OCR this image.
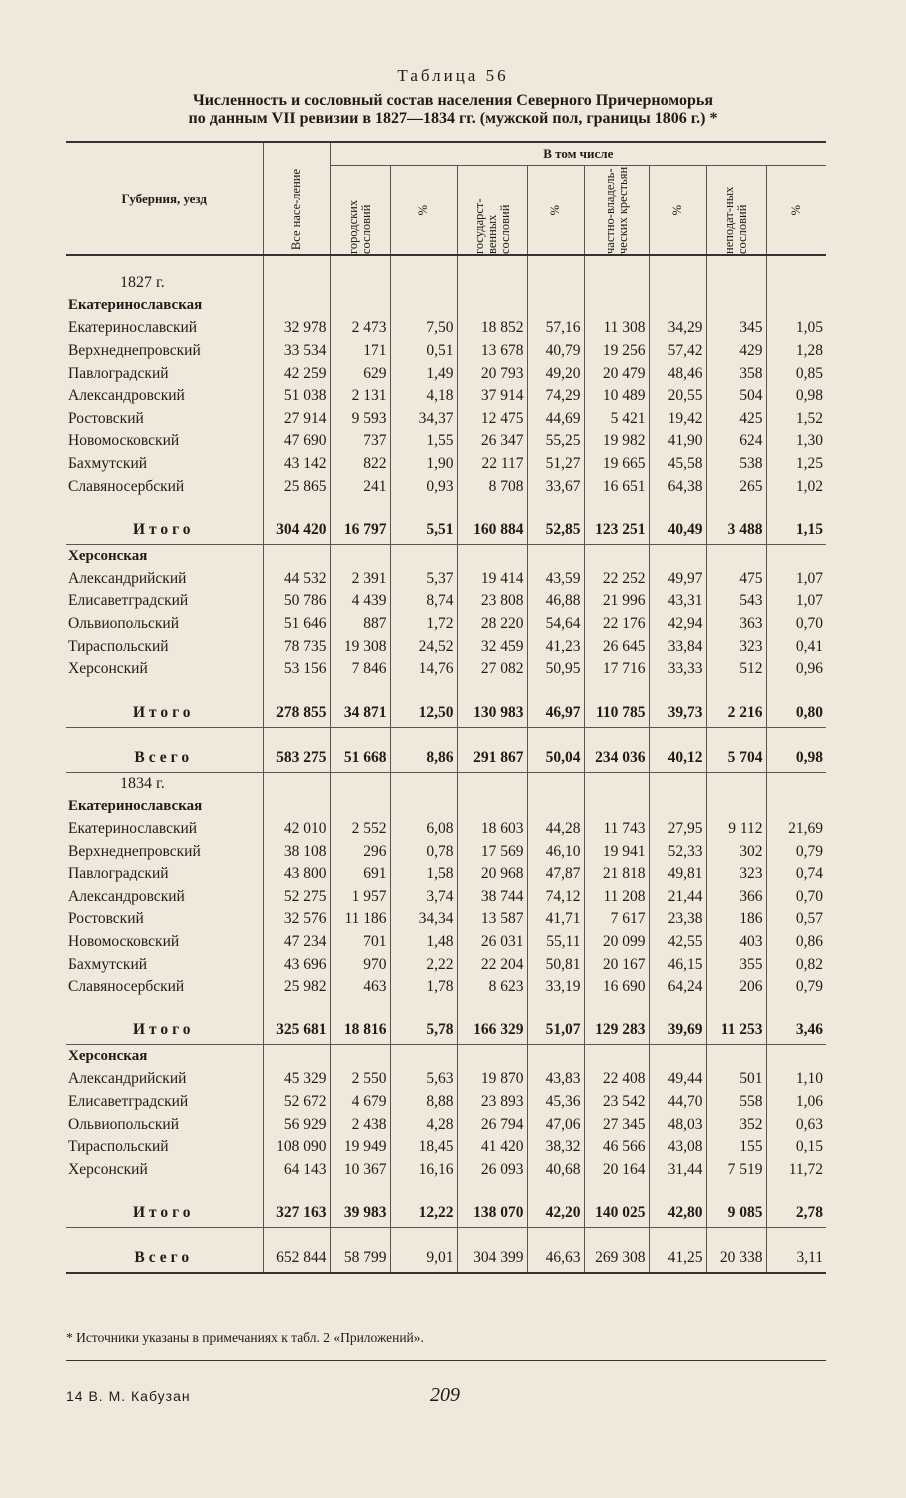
Таблица 56
Численность и сословный состав населения Северного Причерноморья
по данным VII ревизии в 1827—1834 гг. (мужской пол, границы 1806 г.) *
Губерния, уезд		В том числе							

	Все насе-ление	городских сословий	%	государст-венных сословий	%	частно-владель-ческих крестьян	%	неподат-ных сословий	%

1827 г.									
Екатеринославская									
Екатеринославский	32 978	2 473	7,50	18 852	57,16	11 308	34,29	345	1,05
Верхнеднепровский	33 534	171	0,51	13 678	40,79	19 256	57,42	429	1,28
Павлоградский	42 259	629	1,49	20 793	49,20	20 479	48,46	358	0,85
Александровский	51 038	2 131	4,18	37 914	74,29	10 489	20,55	504	0,98
Ростовский	27 914	9 593	34,37	12 475	44,69	5 421	19,42	425	1,52
Новомосковский	47 690	737	1,55	26 347	55,25	19 982	41,90	624	1,30
Бахмутский	43 142	822	1,90	22 117	51,27	19 665	45,58	538	1,25
Славяносербский	25 865	241	0,93	8 708	33,67	16 651	64,38	265	1,02

Итого	304 420	16 797	5,51	160 884	52,85	123 251	40,49	3 488	1,15
Херсонская									
Александрийский	44 532	2 391	5,37	19 414	43,59	22 252	49,97	475	1,07
Елисаветградский	50 786	4 439	8,74	23 808	46,88	21 996	43,31	543	1,07
Ольвиопольский	51 646	887	1,72	28 220	54,64	22 176	42,94	363	0,70
Тираспольский	78 735	19 308	24,52	32 459	41,23	26 645	33,84	323	0,41
Херсонский	53 156	7 846	14,76	27 082	50,95	17 716	33,33	512	0,96

Итого	278 855	34 871	12,50	130 983	46,97	110 785	39,73	2 216	0,80

Всего	583 275	51 668	8,86	291 867	50,04	234 036	40,12	5 704	0,98
1834 г.									
Екатеринославская									
Екатеринославский	42 010	2 552	6,08	18 603	44,28	11 743	27,95	9 112	21,69
Верхнеднепровский	38 108	296	0,78	17 569	46,10	19 941	52,33	302	0,79
Павлоградский	43 800	691	1,58	20 968	47,87	21 818	49,81	323	0,74
Александровский	52 275	1 957	3,74	38 744	74,12	11 208	21,44	366	0,70
Ростовский	32 576	11 186	34,34	13 587	41,71	7 617	23,38	186	0,57
Новомосковский	47 234	701	1,48	26 031	55,11	20 099	42,55	403	0,86
Бахмутский	43 696	970	2,22	22 204	50,81	20 167	46,15	355	0,82
Славяносербский	25 982	463	1,78	8 623	33,19	16 690	64,24	206	0,79

Итого	325 681	18 816	5,78	166 329	51,07	129 283	39,69	11 253	3,46
Херсонская									
Александрийский	45 329	2 550	5,63	19 870	43,83	22 408	49,44	501	1,10
Елисаветградский	52 672	4 679	8,88	23 893	45,36	23 542	44,70	558	1,06
Ольвиопольский	56 929	2 438	4,28	26 794	47,06	27 345	48,03	352	0,63
Тираспольский	108 090	19 949	18,45	41 420	38,32	46 566	43,08	155	0,15
Херсонский	64 143	10 367	16,16	26 093	40,68	20 164	31,44	7 519	11,72

Итого	327 163	39 983	12,22	138 070	42,20	140 025	42,80	9 085	2,78

Всего	652 844	58 799	9,01	304 399	46,63	269 308	41,25	20 338	3,11
* Источники указаны в примечаниях к табл. 2 «Приложений».
14 В. М. Кабузан	209
